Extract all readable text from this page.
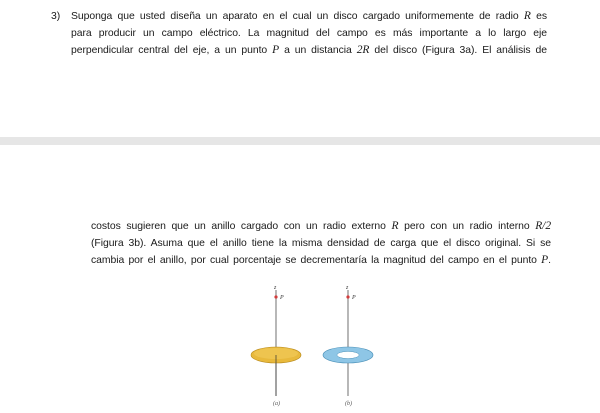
3) Suponga que usted diseña un aparato en el cual un disco cargado uniformemente de radio R es
para producir un campo eléctrico. La magnitud del campo es más importante a lo largo eje
perpendicular central del eje, a un punto P a un distancia 2R del disco (Figura 3a). El análisis de
costos sugieren que un anillo cargado con un radio externo R pero con un radio interno R/2
(Figura 3b). Asuma que el anillo tiene la misma densidad de carga que el disco original. Si se
cambia por el anillo, por cual porcentaje se decrementaría la magnitud del campo en el punto P.
z
P
(a)
z
P
(b)
